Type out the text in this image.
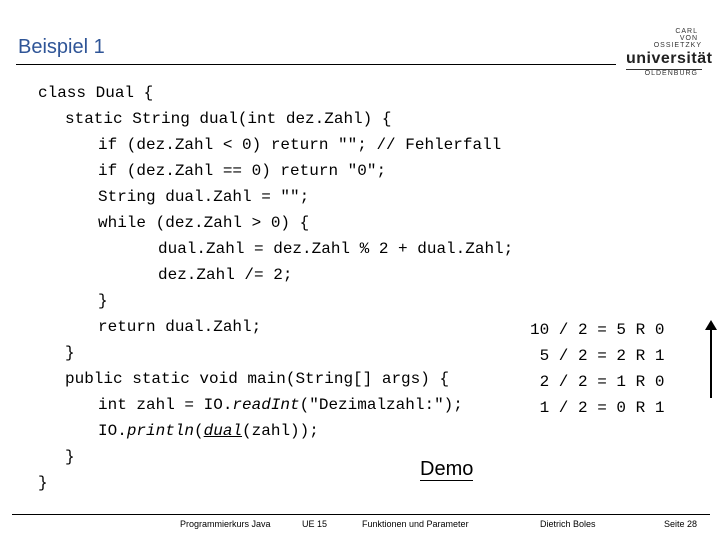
Beispiel 1
CARL
VON
OSSIETZKY
universität
OLDENBURG

class Dual {

static String dual(int dez.Zahl) {

if (dez.Zahl < 0) return ""; // Fehlerfall

if (dez.Zahl == 0) return "0";

String dual.Zahl = "";

while (dez.Zahl > 0) {

dual.Zahl = dez.Zahl % 2 + dual.Zahl;

dez.Zahl /= 2;

}

return dual.Zahl;

}

public static void main(String[] args) {

int zahl = IO.readInt("Dezimalzahl:");

IO.println(dual(zahl));

}

}

10 / 2 = 5 R 0
5 / 2 = 2 R 1
2 / 2 = 1 R 0
1 / 2 = 0 R 1
Demo
Programmierkurs Java	UE 15	Funktionen und Parameter	Dietrich Boles	Seite 28
